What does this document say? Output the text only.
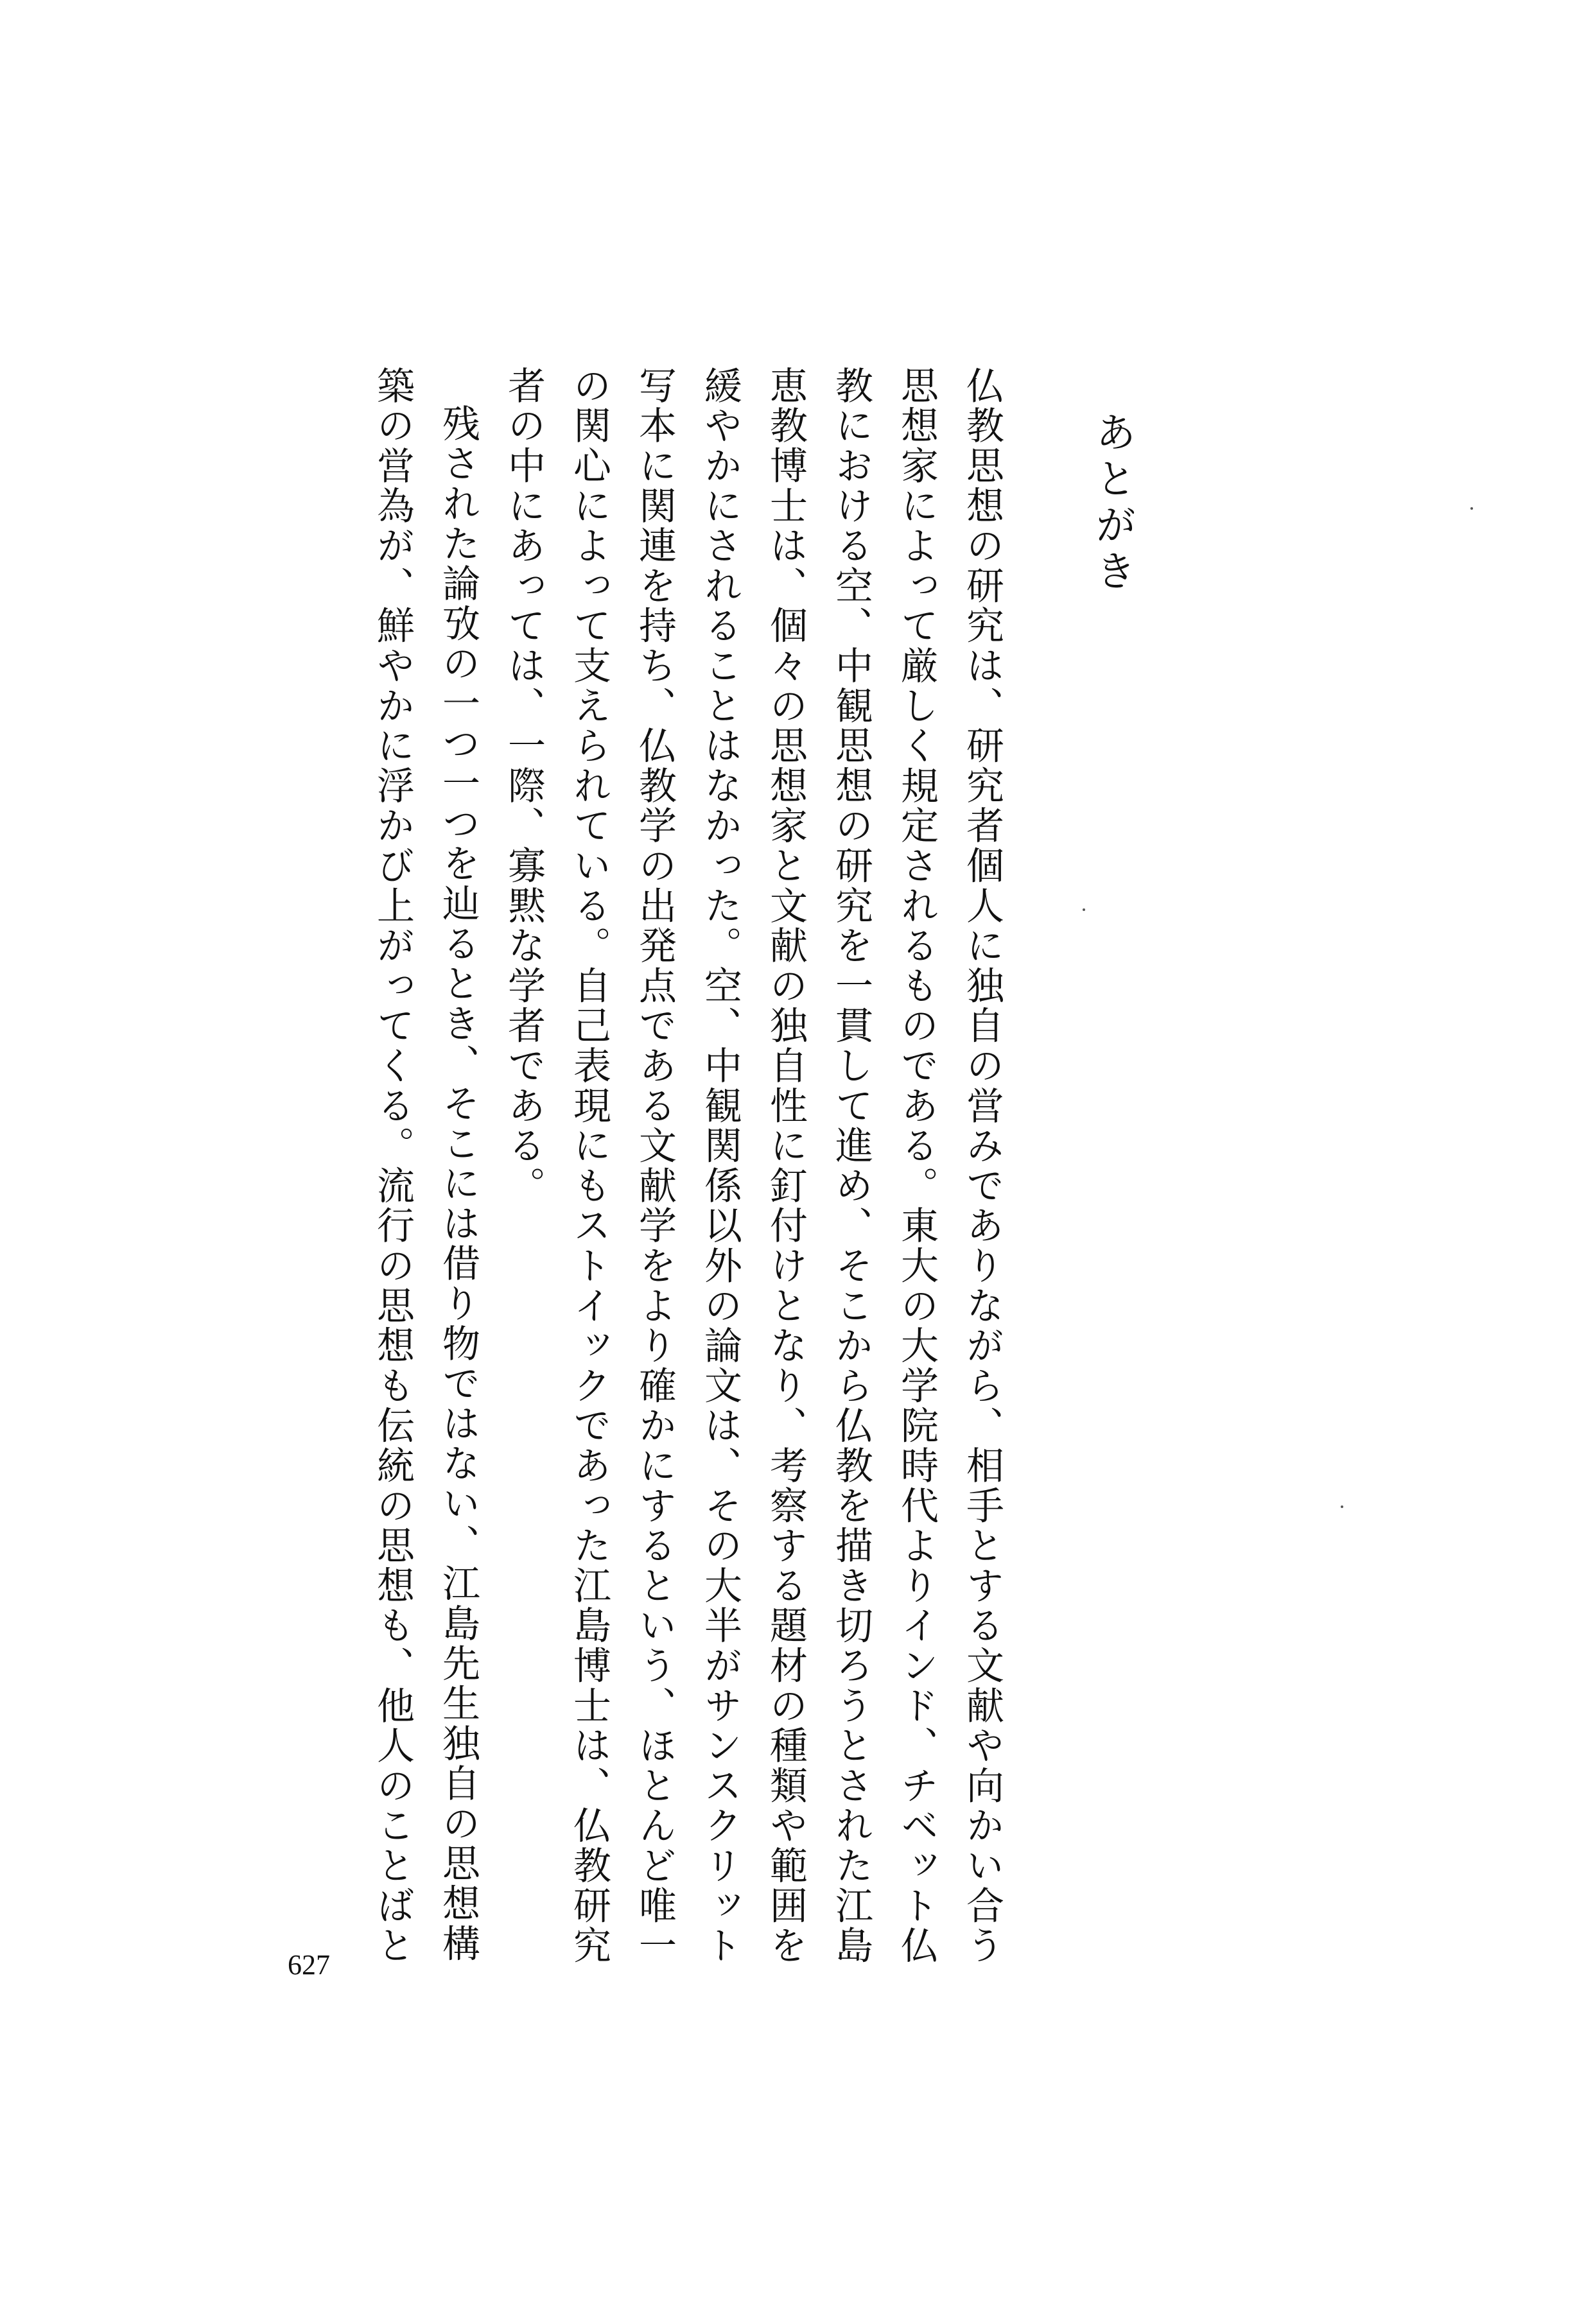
あとがき

仏教思想の研究は、研究者個人に独自の営みでありながら、相手とする文献や向かい合う思想家によって厳しく規定されるものである。東大の大学院時代よりインド、チベット仏教における空、中観思想の研究を一貫して進め、そこから仏教を描き切ろうとされた江島恵教博士は、個々の思想家と文献の独自性に釘付けとなり、考察する題材の種類や範囲を緩やかにされることはなかった。空、中観関係以外の論文は、その大半がサンスクリット写本に関連を持ち、仏教学の出発点である文献学をより確かにするという、ほとんど唯一の関心によって支えられている。自己表現にもストイックであった江島博士は、仏教研究者の中にあっては、一際、寡黙な学者である。

残された論攷の一つ一つを辿るとき、そこには借り物ではない、江島先生独自の思想構築の営為が、鮮やかに浮かび上がってくる。流行の思想も伝統の思想も、他人のことばと

627
